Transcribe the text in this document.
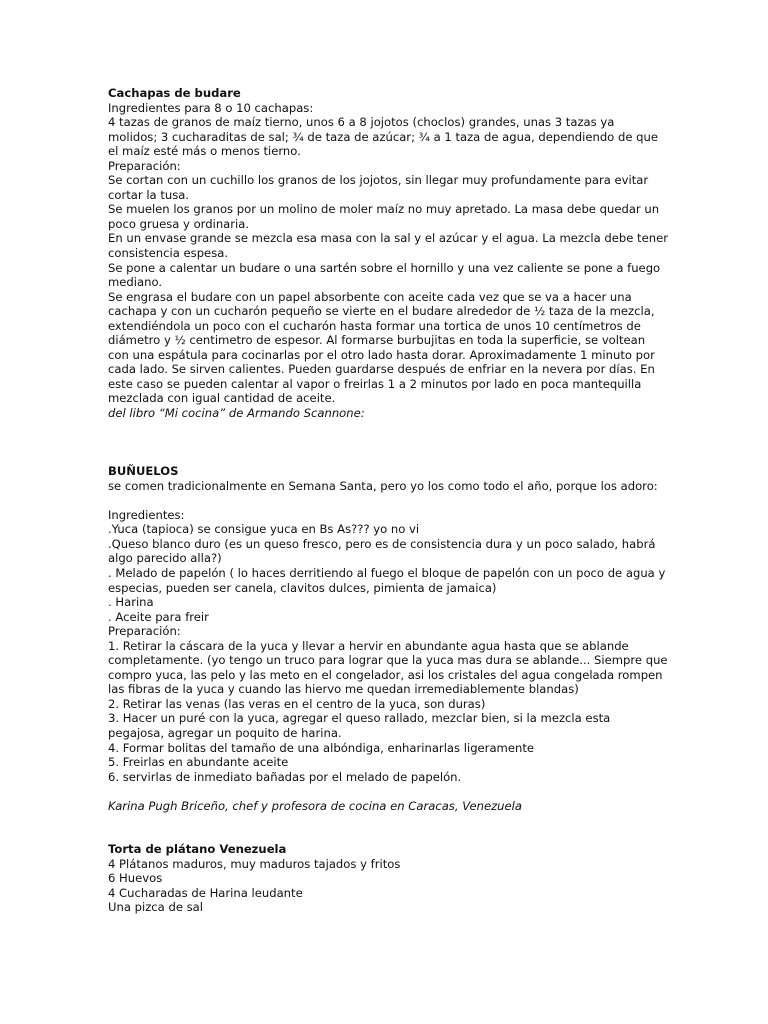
Cachapas de budare

Ingredientes para 8 o 10 cachapas:

4 tazas de granos de maíz tierno, unos 6 a 8 jojotos (choclos) grandes, unas 3 tazas ya

molidos; 3 cucharaditas de sal; ¾ de taza de azúcar; ¾ a 1 taza de agua, dependiendo de que

el maíz esté más o menos tierno.

Preparación:

Se cortan con un cuchillo los granos de los jojotos, sin llegar muy profundamente para evitar

cortar la tusa.

Se muelen los granos por un molino de moler maíz no muy apretado. La masa debe quedar un

poco gruesa y ordinaria.

En un envase grande se mezcla esa masa con la sal y el azúcar y el agua. La mezcla debe tener

consistencia espesa.

Se pone a calentar un budare o una sartén sobre el hornillo y una vez caliente se pone a fuego

mediano.

Se engrasa el budare con un papel absorbente con aceite cada vez que se va a hacer una

cachapa y con un cucharón pequeño se vierte en el budare alrededor de ½ taza de la mezcla,

extendiéndola un poco con el cucharón hasta formar una tortica de unos 10 centímetros de

diámetro y ½ centimetro de espesor. Al formarse burbujitas en toda la superficie, se voltean

con una espátula para cocinarlas por el otro lado hasta dorar. Aproximadamente 1 minuto por

cada lado. Se sirven calientes. Pueden guardarse después de enfriar en la nevera por días. En

este caso se pueden calentar al vapor o freirlas 1 a 2 minutos por lado en poca mantequilla

mezclada con igual cantidad de aceite.

del libro “Mi cocina” de Armando Scannone:

BUÑUELOS

se comen tradicionalmente en Semana Santa, pero yo los como todo el año, porque los adoro:

Ingredientes:

.Yuca (tapioca) se consigue yuca en Bs As??? yo no vi

.Queso blanco duro (es un queso fresco, pero es de consistencia dura y un poco salado, habrá

algo parecido alla?)

. Melado de papelón ( lo haces derritiendo al fuego el bloque de papelón con un poco de agua y

especias, pueden ser canela, clavitos dulces, pimienta de jamaica)

. Harina

. Aceite para freir

Preparación:

1. Retirar la cáscara de la yuca y llevar a hervir en abundante agua hasta que se ablande

completamente. (yo tengo un truco para lograr que la yuca mas dura se ablande... Siempre que

compro yuca, las pelo y las meto en el congelador, asi los cristales del agua congelada rompen

las fibras de la yuca y cuando las hiervo me quedan irremediablemente blandas)

2. Retirar las venas (las veras en el centro de la yuca, son duras)

3. Hacer un puré con la yuca, agregar el queso rallado, mezclar bien, si la mezcla esta

pegajosa, agregar un poquito de harina.

4. Formar bolitas del tamaño de una albóndiga, enharinarlas ligeramente

5. Freirlas en abundante aceite

6. servirlas de inmediato bañadas por el melado de papelón.

Karina Pugh Briceño, chef y profesora de cocina en Caracas, Venezuela

Torta de plátano Venezuela

4 Plátanos maduros, muy maduros tajados y fritos

6 Huevos

4 Cucharadas de Harina leudante

Una pizca de sal
